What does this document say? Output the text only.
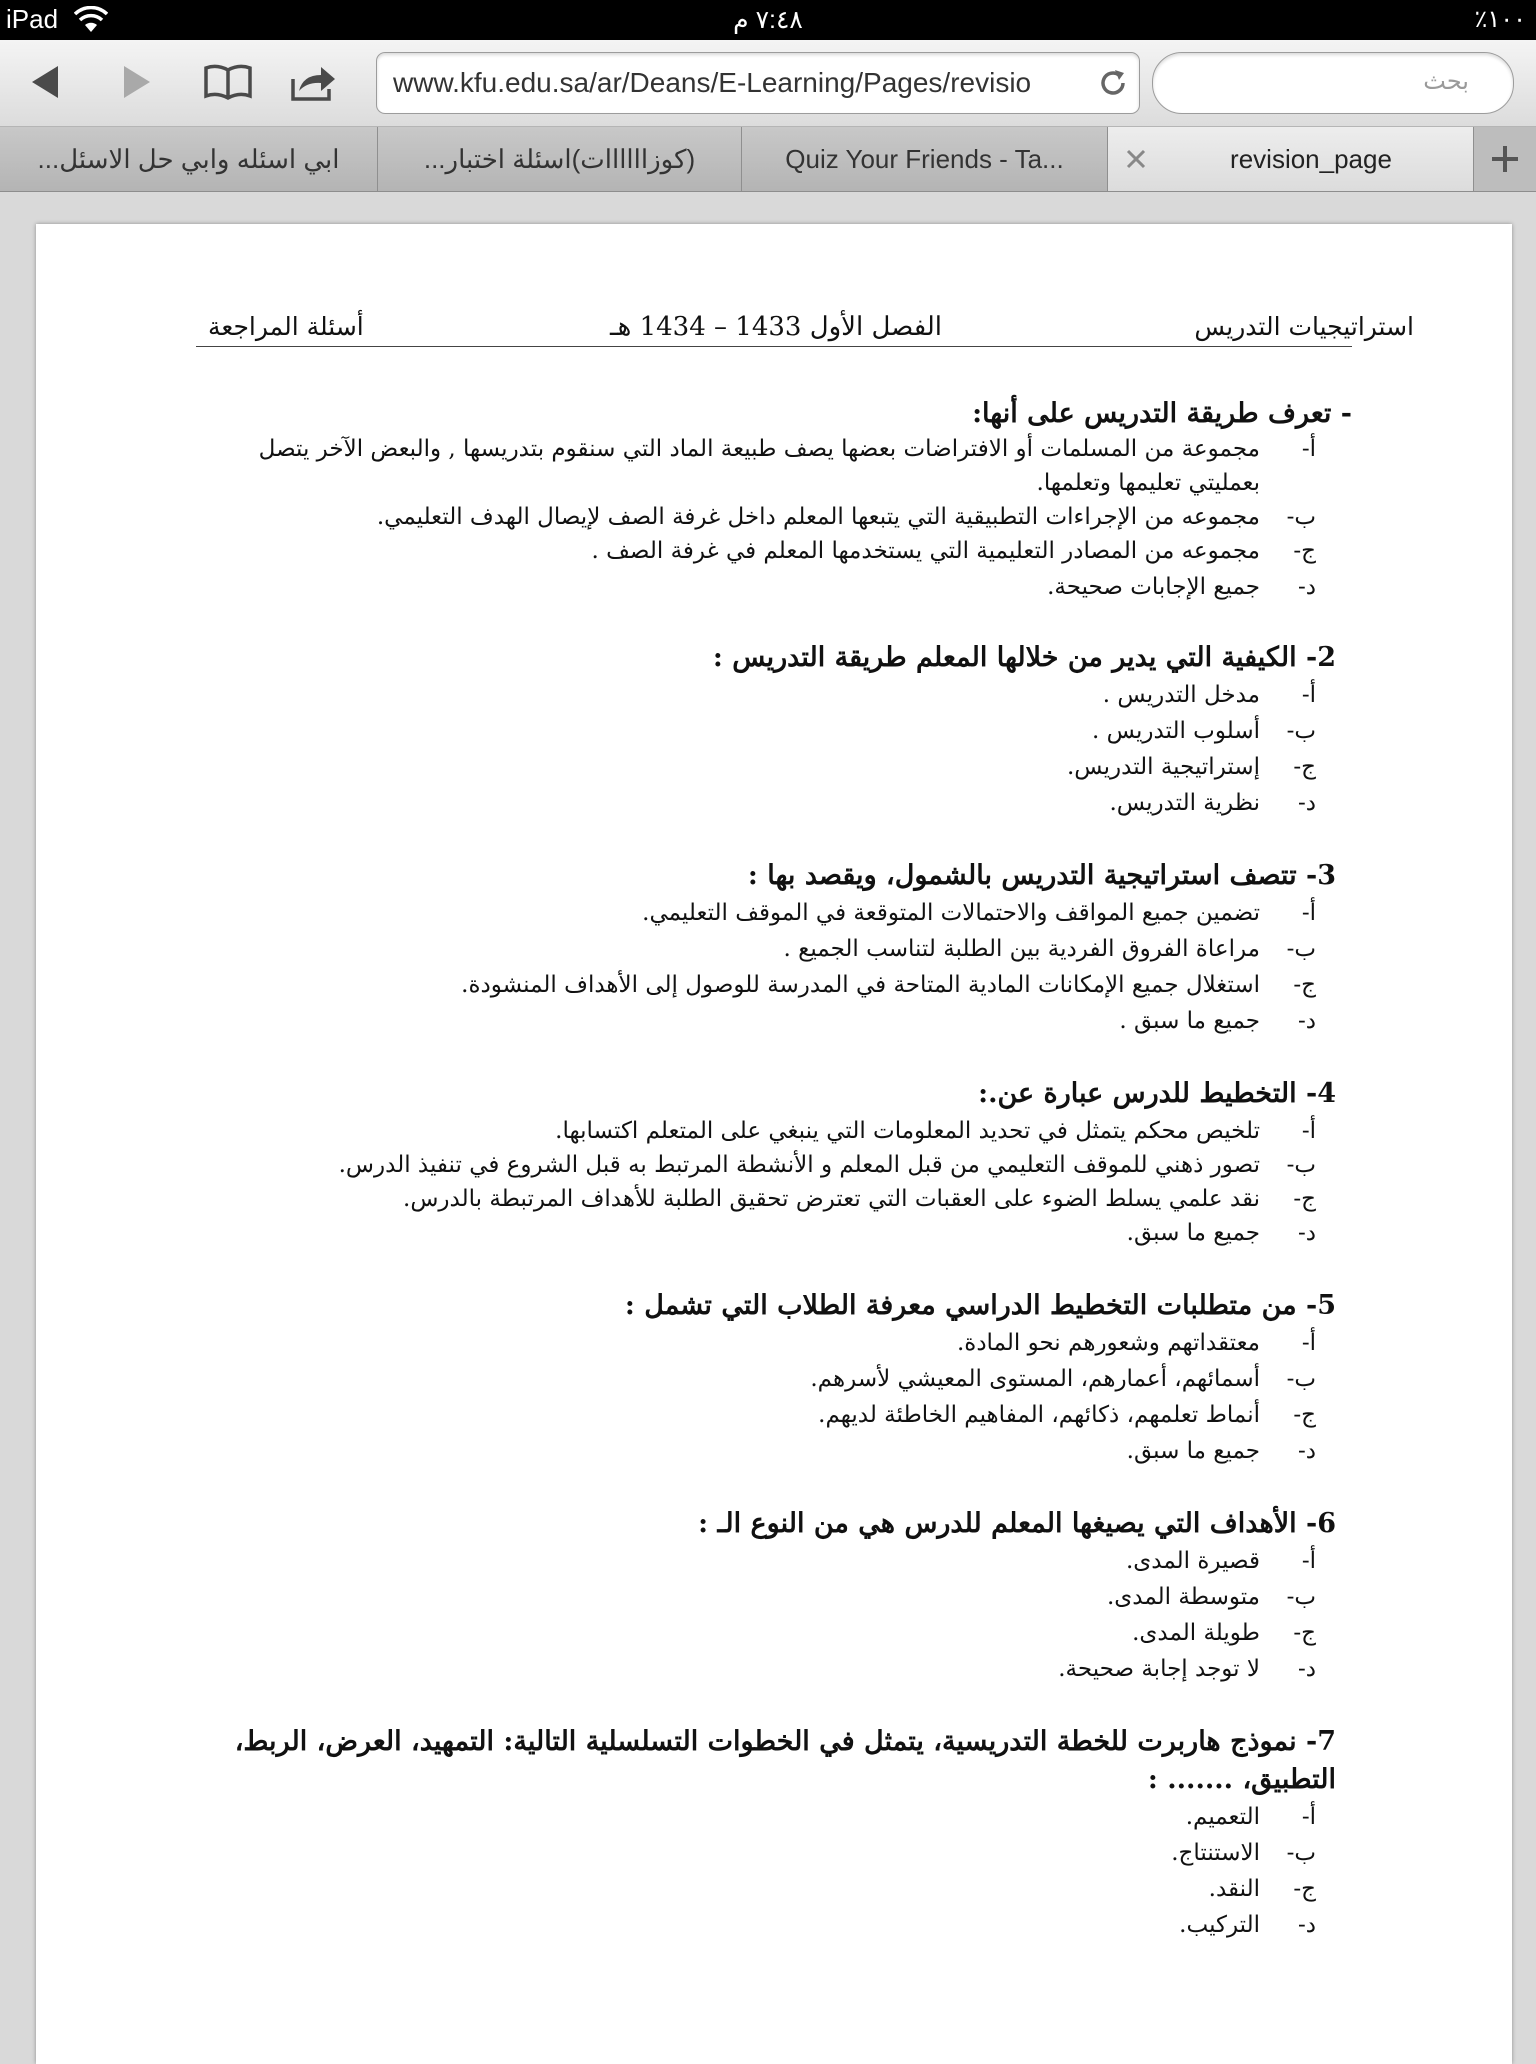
iPad	٧:٤٨ م	٪١٠٠
www.kfu.edu.sa/ar/Deans/E-Learning/Pages/revisio	بحث
ابي اسئله وابي حل الاسئل...	(كوزاااااات)اسئلة اختبار...	Quiz Your Friends - Ta...	revision_page
استراتيجيات التدريس
الفصل الأول 1433 – 1434 هـ
أسئلة المراجعة
- تعرف طريقة التدريس على أنها:
أ-مجموعة من المسلمات أو الافتراضات بعضها يصف طبيعة الماد التي سنقوم بتدريسها , والبعض الآخر يتصل
بعمليتي تعليمها وتعلمها.
ب-مجموعه من الإجراءات التطبيقية التي يتبعها المعلم داخل غرفة الصف لإيصال الهدف التعليمي.
ج-مجموعه من المصادر التعليمية التي يستخدمها المعلم في غرفة الصف .
د-جميع الإجابات صحيحة.
2- الكيفية التي يدير من خلالها المعلم طريقة التدريس :
أ-مدخل التدريس .
ب-أسلوب التدريس .
ج-إستراتيجية التدريس.
د-نظرية التدريس.
3- تتصف استراتيجية التدريس بالشمول، ويقصد بها :
أ-تضمين جميع المواقف والاحتمالات المتوقعة في الموقف التعليمي.
ب-مراعاة الفروق الفردية بين الطلبة لتناسب الجميع .
ج-استغلال جميع الإمكانات المادية المتاحة في المدرسة للوصول إلى الأهداف المنشودة.
د-جميع ما سبق .
4- التخطيط للدرس عبارة عن.:
أ-تلخيص محكم يتمثل في تحديد المعلومات التي ينبغي على المتعلم اكتسابها.
ب-تصور ذهني للموقف التعليمي من قبل المعلم و الأنشطة المرتبط به قبل الشروع في تنفيذ الدرس.
ج-نقد علمي يسلط الضوء على العقبات التي تعترض تحقيق الطلبة للأهداف المرتبطة بالدرس.
د-جميع ما سبق.
5- من متطلبات التخطيط الدراسي معرفة الطلاب التي تشمل :
أ-معتقداتهم وشعورهم نحو المادة.
ب-أسمائهم، أعمارهم، المستوى المعيشي لأسرهم.
ج-أنماط تعلمهم، ذكائهم، المفاهيم الخاطئة لديهم.
د-جميع ما سبق.
6- الأهداف التي يصيغها المعلم للدرس هي من النوع الـ :
أ-قصيرة المدى.
ب-متوسطة المدى.
ج-طويلة المدى.
د-لا توجد إجابة صحيحة.
7- نموذج هاربرت للخطة التدريسية، يتمثل في الخطوات التسلسلية التالية: التمهيد، العرض، الربط،
التطبيق، ....... :
أ-التعميم.
ب-الاستنتاج.
ج-النقد.
د-التركيب.
